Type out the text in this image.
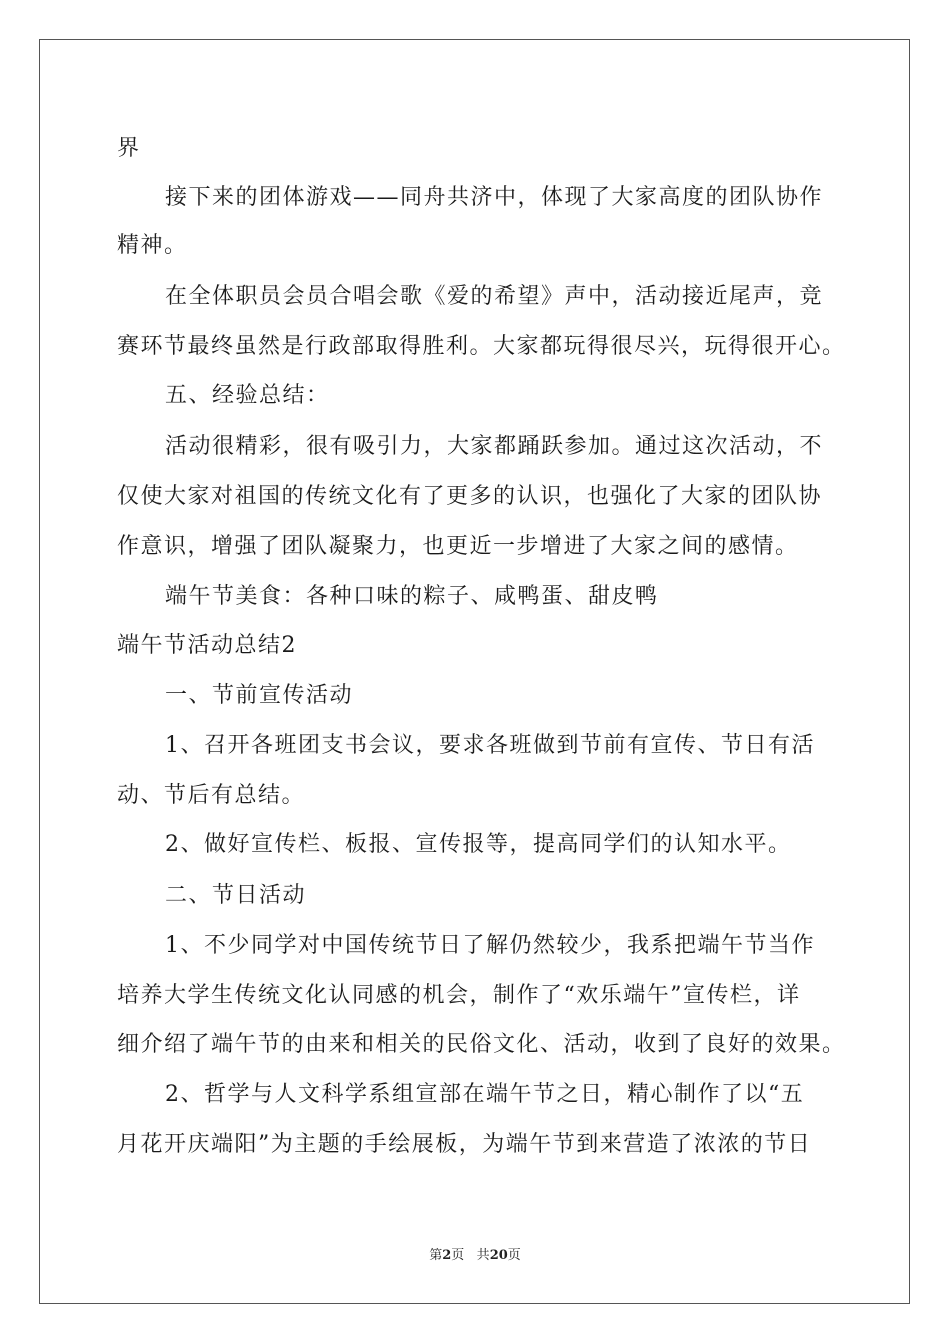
界
接下来的团体游戏——同舟共济中，体现了大家高度的团队协作
精神。
在全体职员会员合唱会歌《爱的希望》声中，活动接近尾声，竞
赛环节最终虽然是行政部取得胜利。大家都玩得很尽兴，玩得很开心。
五、经验总结：
活动很精彩，很有吸引力，大家都踊跃参加。通过这次活动，不
仅使大家对祖国的传统文化有了更多的认识，也强化了大家的团队协
作意识，增强了团队凝聚力，也更近一步增进了大家之间的感情。
端午节美食：各种口味的粽子、咸鸭蛋、甜皮鸭
端午节活动总结2
一、节前宣传活动
1、召开各班团支书会议，要求各班做到节前有宣传、节日有活
动、节后有总结。
2、做好宣传栏、板报、宣传报等，提高同学们的认知水平。
二、节日活动
1、不少同学对中国传统节日了解仍然较少，我系把端午节当作
培养大学生传统文化认同感的机会，制作了“欢乐端午”宣传栏，详
细介绍了端午节的由来和相关的民俗文化、活动，收到了良好的效果。
2、哲学与人文科学系组宣部在端午节之日，精心制作了以“五
月花开庆端阳”为主题的手绘展板，为端午节到来营造了浓浓的节日
第2页 共20页
